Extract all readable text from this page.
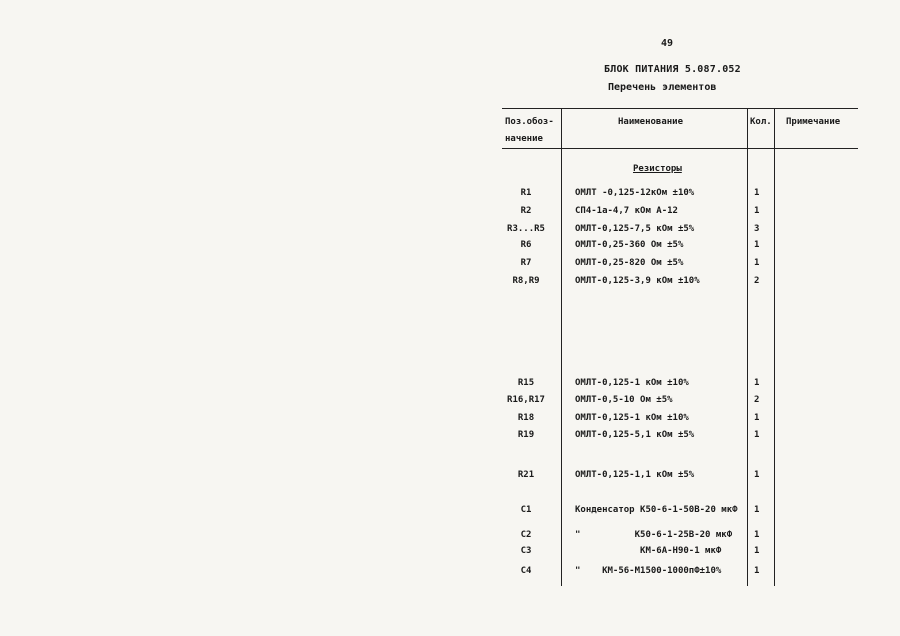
49
БЛОК ПИТАНИЯ 5.087.052
Перечень элементов
Поз.обоз-
начение
Наименование	Кол. Примечание
Резисторы
R1	ОМЛТ -0,125-12кОм ±10%	1
R2	СП4-1а-4,7 кОм А-12	1
R3...R5	ОМЛТ-0,125-7,5 кОм ±5%	3
R6	ОМЛТ-0,25-360 Ом ±5%	1
R7	ОМЛТ-0,25-820 Ом ±5%	1
R8,R9	ОМЛТ-0,125-3,9 кОм ±10%	2
R15	ОМЛТ-0,125-1 кОм ±10%	1
R16,R17	ОМЛТ-0,5-10 Ом ±5%	2
R18	ОМЛТ-0,125-1 кОм ±10%	1
R19	ОМЛТ-0,125-5,1 кОм ±5%	1
R21	ОМЛТ-0,125-1,1 кОм ±5%	1
C1	Конденсатор К50-6-1-50В-20 мкФ 1
C2	"          К50-6-1-25В-20 мкФ 1
C3	КМ-6А-Н90-1 мкФ	1
C4	"    КМ-56-М1500-1000пФ±10%	1
